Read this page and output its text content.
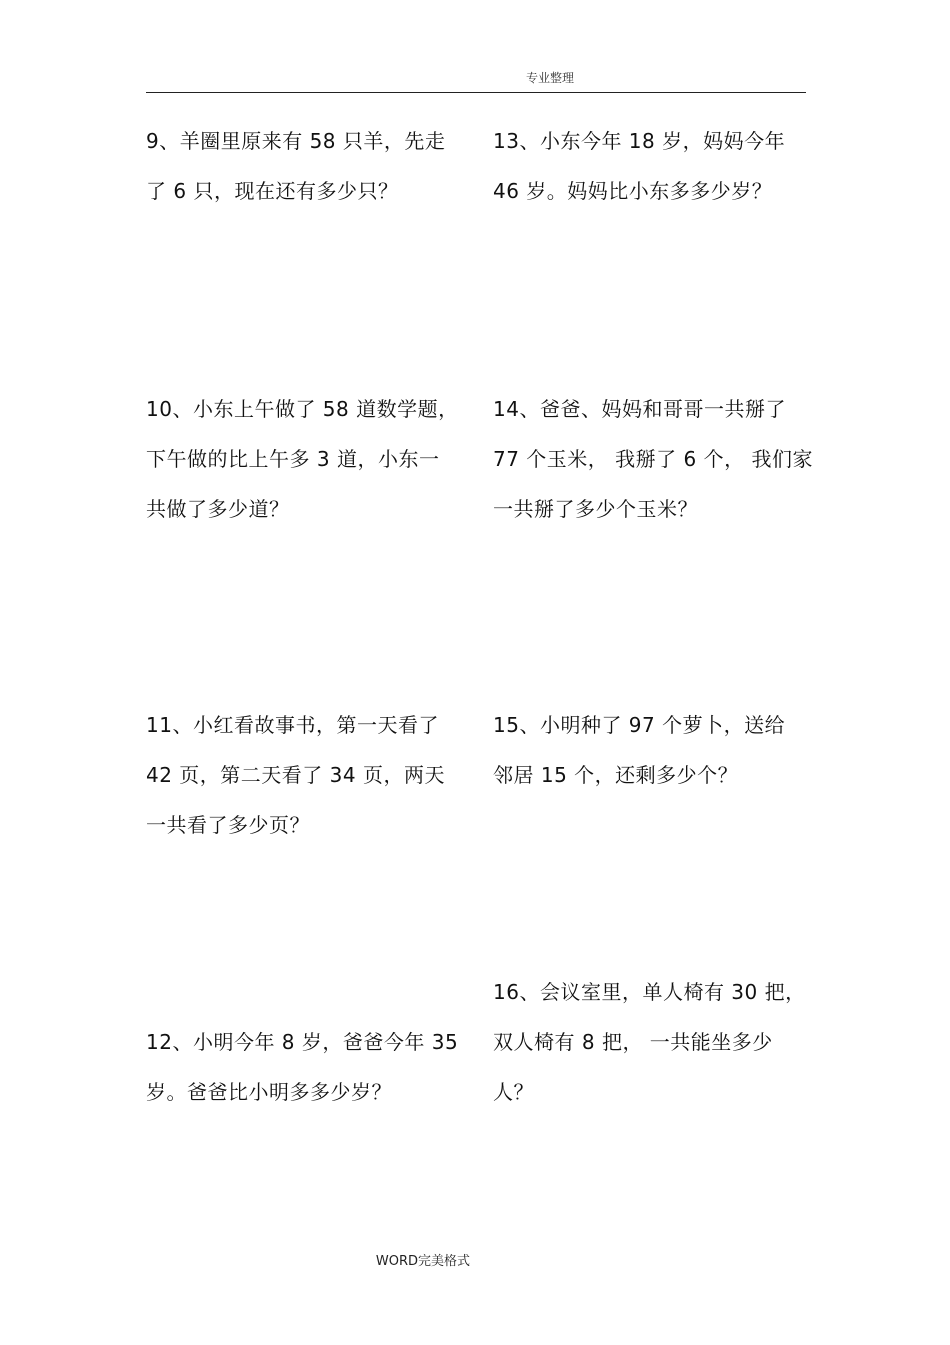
专业整理
9、羊圈里原来有 58 只羊，先走
了 6 只，现在还有多少只？
10、小东上午做了 58 道数学题，
下午做的比上午多 3 道，小东一
共做了多少道？
11、小红看故事书，第一天看了
42 页，第二天看了 34 页，两天
一共看了多少页？
12、小明今年 8 岁，爸爸今年 35
岁。爸爸比小明多多少岁？
13、小东今年 18 岁，妈妈今年
46 岁。妈妈比小东多多少岁？
14、爸爸、妈妈和哥哥一共掰了
77 个玉米， 我掰了 6 个， 我们家
一共掰了多少个玉米？
15、小明种了 97 个萝卜，送给
邻居 15 个，还剩多少个？
16、会议室里，单人椅有 30 把，
双人椅有 8 把， 一共能坐多少
人？
WORD完美格式
